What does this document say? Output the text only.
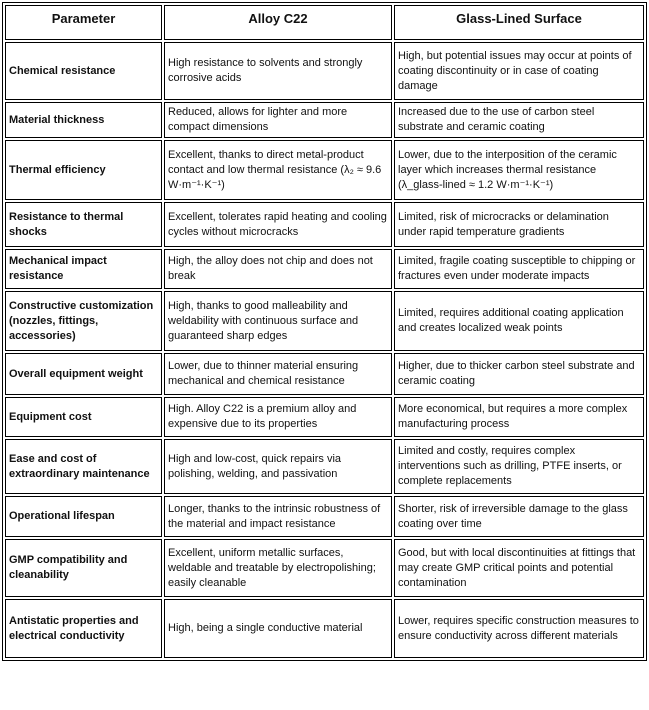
Parameter	Alloy C22	Glass-Lined Surface
Chemical resistance	High resistance to solvents and strongly corrosive acids	High, but potential issues may occur at points of coating discontinuity or in case of coating damage
Material thickness	Reduced, allows for lighter and more compact dimensions	Increased due to the use of carbon steel substrate and ceramic coating
Thermal efficiency	Excellent, thanks to direct metal-product contact and low thermal resistance (λ₂ ≈ 9.6 W·m⁻¹·K⁻¹)	Lower, due to the interposition of the ceramic layer which increases thermal resistance (λ_glass-lined ≈ 1.2 W·m⁻¹·K⁻¹)
Resistance to thermal shocks	Excellent, tolerates rapid heating and cooling cycles without microcracks	Limited, risk of microcracks or delamination under rapid temperature gradients
Mechanical impact resistance	High, the alloy does not chip and does not break	Limited, fragile coating susceptible to chipping or fractures even under moderate impacts
Constructive customization (nozzles, fittings, accessories)	High, thanks to good malleability and weldability with continuous surface and guaranteed sharp edges	Limited, requires additional coating application and creates localized weak points
Overall equipment weight	Lower, due to thinner material ensuring mechanical and chemical resistance	Higher, due to thicker carbon steel substrate and ceramic coating
Equipment cost	High. Alloy C22 is a premium alloy and expensive due to its properties	More economical, but requires a more complex manufacturing process
Ease and cost of extraordinary maintenance	High and low-cost, quick repairs via polishing, welding, and passivation	Limited and costly, requires complex interventions such as drilling, PTFE inserts, or complete replacements
Operational lifespan	Longer, thanks to the intrinsic robustness of the material and impact resistance	Shorter, risk of irreversible damage to the glass coating over time
GMP compatibility and cleanability	Excellent, uniform metallic surfaces, weldable and treatable by electropolishing; easily cleanable	Good, but with local discontinuities at fittings that may create GMP critical points and potential contamination
Antistatic properties and electrical conductivity	High, being a single conductive material	Lower, requires specific construction measures to ensure conductivity across different materials
